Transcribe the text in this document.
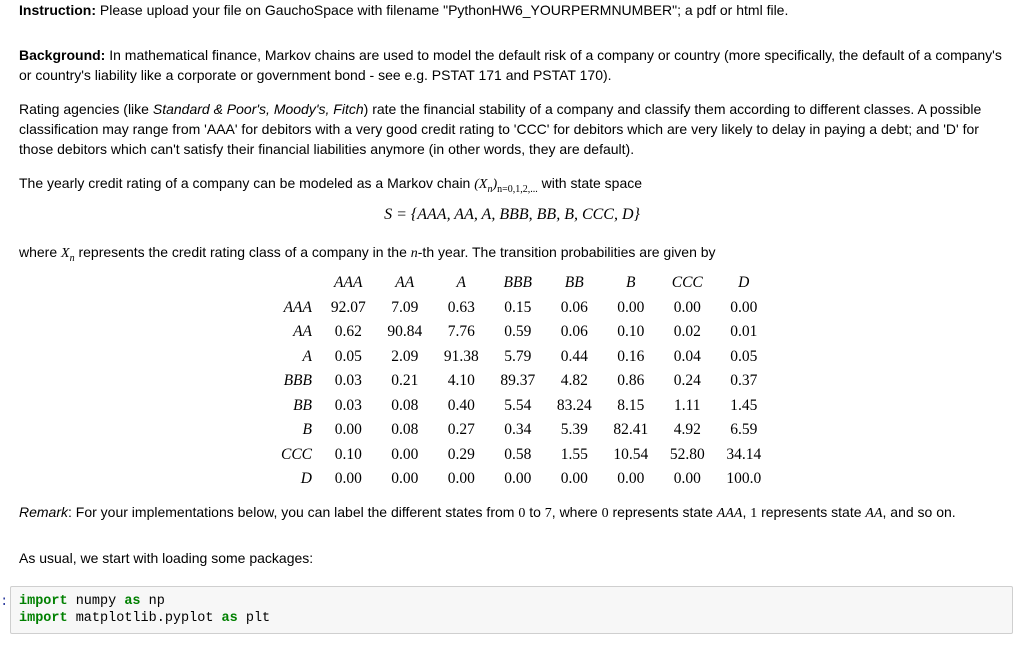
Instruction: Please upload your file on GauchoSpace with filename "PythonHW6_YOURPERMNUMBER"; a pdf or html file.

Background: In mathematical finance, Markov chains are used to model the default risk of a company or country (more specifically, the default of a company's or country's liability like a corporate or government bond - see e.g. PSTAT 171 and PSTAT 170).

Rating agencies (like Standard & Poor's, Moody's, Fitch) rate the financial stability of a company and classify them according to different classes. A possible classification may range from 'AAA' for debitors with a very good credit rating to 'CCC' for debitors which are very likely to delay in paying a debt; and 'D' for those debitors which can't satisfy their financial liabilities anymore (in other words, they are default).

The yearly credit rating of a company can be modeled as a Markov chain $(X_n)_{n=0,1,2,...}$ with state space

S = {AAA, AA, A, BBB, BB, B, CCC, D}

where $X_n$ represents the credit rating class of a company in the n-th year. The transition probabilities are given by

	AAA	AA	A	BBB	BB	B	CCC	D
AAA	92.07	7.09	0.63	0.15	0.06	0.00	0.00	0.00
AA	0.62	90.84	7.76	0.59	0.06	0.10	0.02	0.01
A	0.05	2.09	91.38	5.79	0.44	0.16	0.04	0.05
BBB	0.03	0.21	4.10	89.37	4.82	0.86	0.24	0.37
BB	0.03	0.08	0.40	5.54	83.24	8.15	1.11	1.45
B	0.00	0.08	0.27	0.34	5.39	82.41	4.92	6.59
CCC	0.10	0.00	0.29	0.58	1.55	10.54	52.80	34.14
D	0.00	0.00	0.00	0.00	0.00	0.00	0.00	100.0

Remark: For your implementations below, you can label the different states from 0 to 7, where 0 represents state AAA, 1 represents state AA, and so on.

As usual, we start with loading some packages:

: import numpy as np
import matplotlib.pyplot as plt
